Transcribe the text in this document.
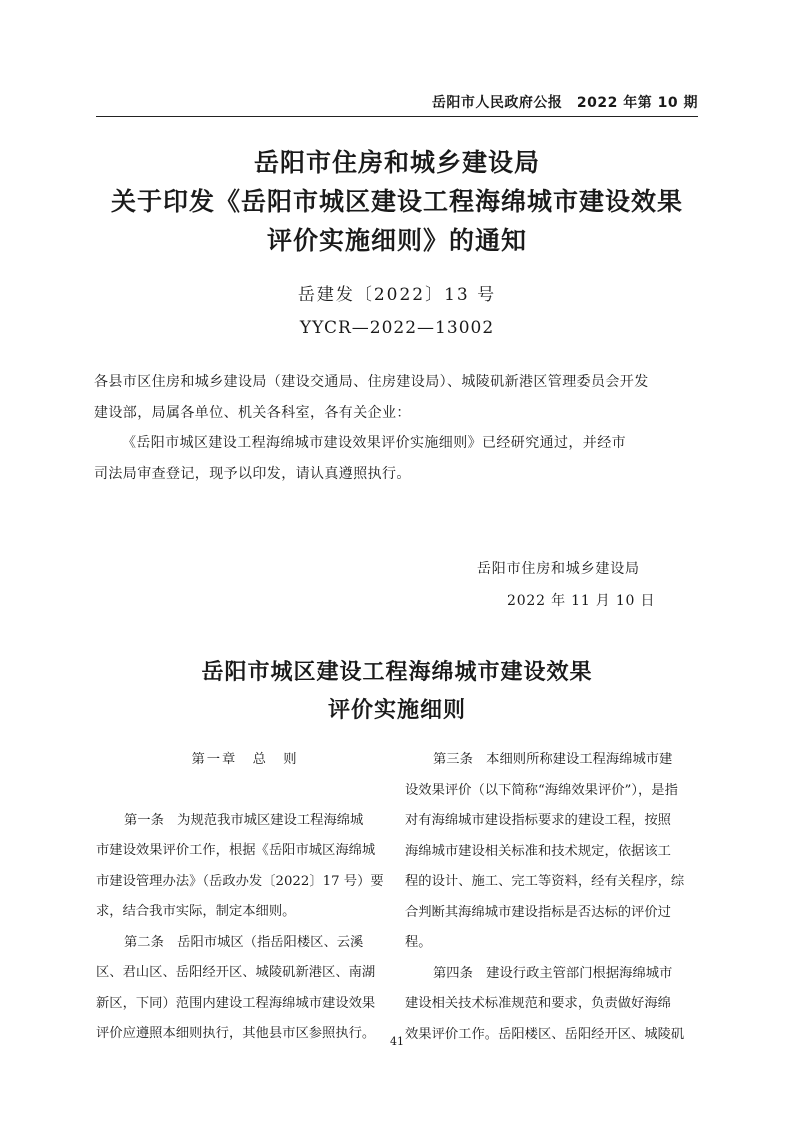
岳阳市人民政府公报　2022 年第 10 期
岳阳市住房和城乡建设局
关于印发《岳阳市城区建设工程海绵城市建设效果
评价实施细则》的通知
岳建发〔2022〕13 号
YYCR—2022—13002
各县市区住房和城乡建设局（建设交通局、住房建设局）、城陵矶新港区管理委员会开发
建设部，局属各单位、机关各科室，各有关企业：
《岳阳市城区建设工程海绵城市建设效果评价实施细则》已经研究通过，并经市
司法局审查登记，现予以印发，请认真遵照执行。
岳阳市住房和城乡建设局
2022 年 11 月 10 日
岳阳市城区建设工程海绵城市建设效果
评价实施细则
第一章　总　则
第一条　为规范我市城区建设工程海绵城
市建设效果评价工作，根据《岳阳市城区海绵城
市建设管理办法》（岳政办发〔2022〕17 号）要
求，结合我市实际，制定本细则。
第二条　岳阳市城区（指岳阳楼区、云溪
区、君山区、岳阳经开区、城陵矶新港区、南湖
新区，下同）范围内建设工程海绵城市建设效果
评价应遵照本细则执行，其他县市区参照执行。
第三条　本细则所称建设工程海绵城市建
设效果评价（以下简称“海绵效果评价”），是指
对有海绵城市建设指标要求的建设工程，按照
海绵城市建设相关标准和技术规定，依据该工
程的设计、施工、完工等资料，经有关程序，综
合判断其海绵城市建设指标是否达标的评价过
程。
第四条　建设行政主管部门根据海绵城市
建设相关技术标准规范和要求，负责做好海绵
效果评价工作。岳阳楼区、岳阳经开区、城陵矶
41
